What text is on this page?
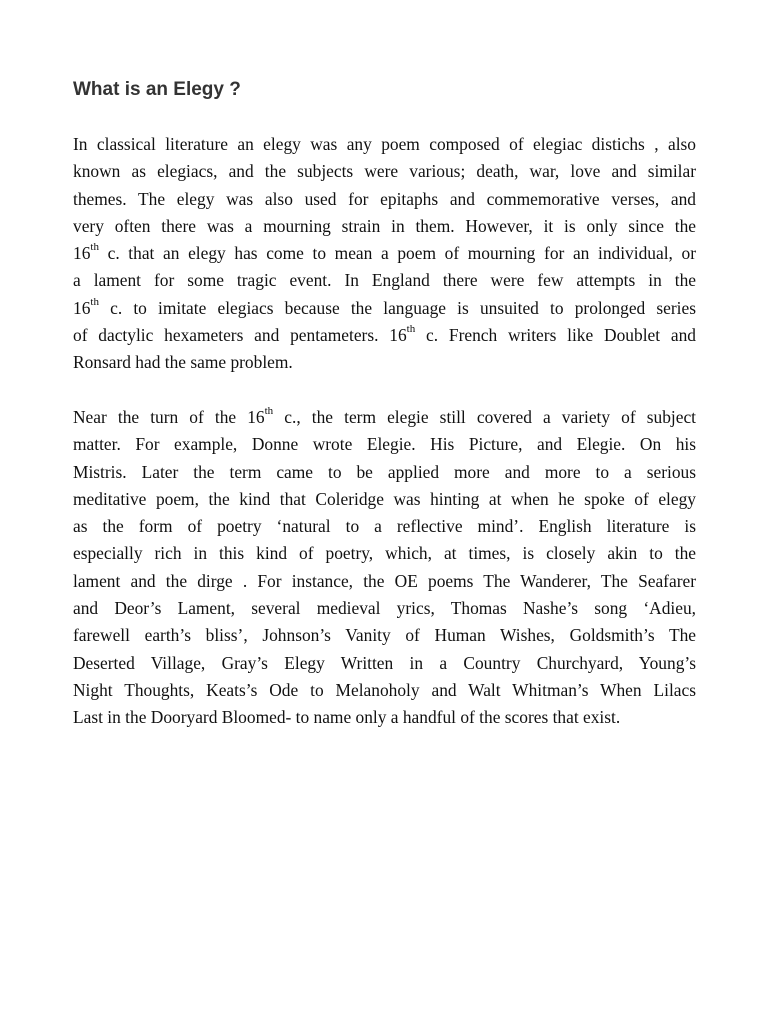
What is an Elegy ?

In classical literature an elegy was any poem composed of elegiac distichs , also
known as elegiacs, and the subjects were various; death, war, love and similar
themes. The elegy was also used for epitaphs and commemorative verses, and
very often there was a mourning strain in them. However, it is only since the
16th c. that an elegy has come to mean a poem of mourning for an individual, or
a lament for some tragic event. In England there were few attempts in the
16th c. to imitate elegiacs because the language is unsuited to prolonged series
of dactylic hexameters and pentameters. 16th c. French writers like Doublet and
Ronsard had the same problem.

Near the turn of the 16th c., the term elegie still covered a variety of subject
matter. For example, Donne wrote Elegie. His Picture, and Elegie. On his
Mistris. Later the term came to be applied more and more to a serious
meditative poem, the kind that Coleridge was hinting at when he spoke of elegy
as the form of poetry ‘natural to a reflective mind’. English literature is
especially rich in this kind of poetry, which, at times, is closely akin to the
lament and the dirge . For instance, the OE poems The Wanderer, The Seafarer
and Deor’s Lament, several medieval yrics, Thomas Nashe’s song ‘Adieu,
farewell earth’s bliss’, Johnson’s Vanity of Human Wishes, Goldsmith’s The
Deserted Village, Gray’s Elegy Written in a Country Churchyard, Young’s
Night Thoughts, Keats’s Ode to Melanoholy and Walt Whitman’s When Lilacs
Last in the Dooryard Bloomed- to name only a handful of the scores that exist.
